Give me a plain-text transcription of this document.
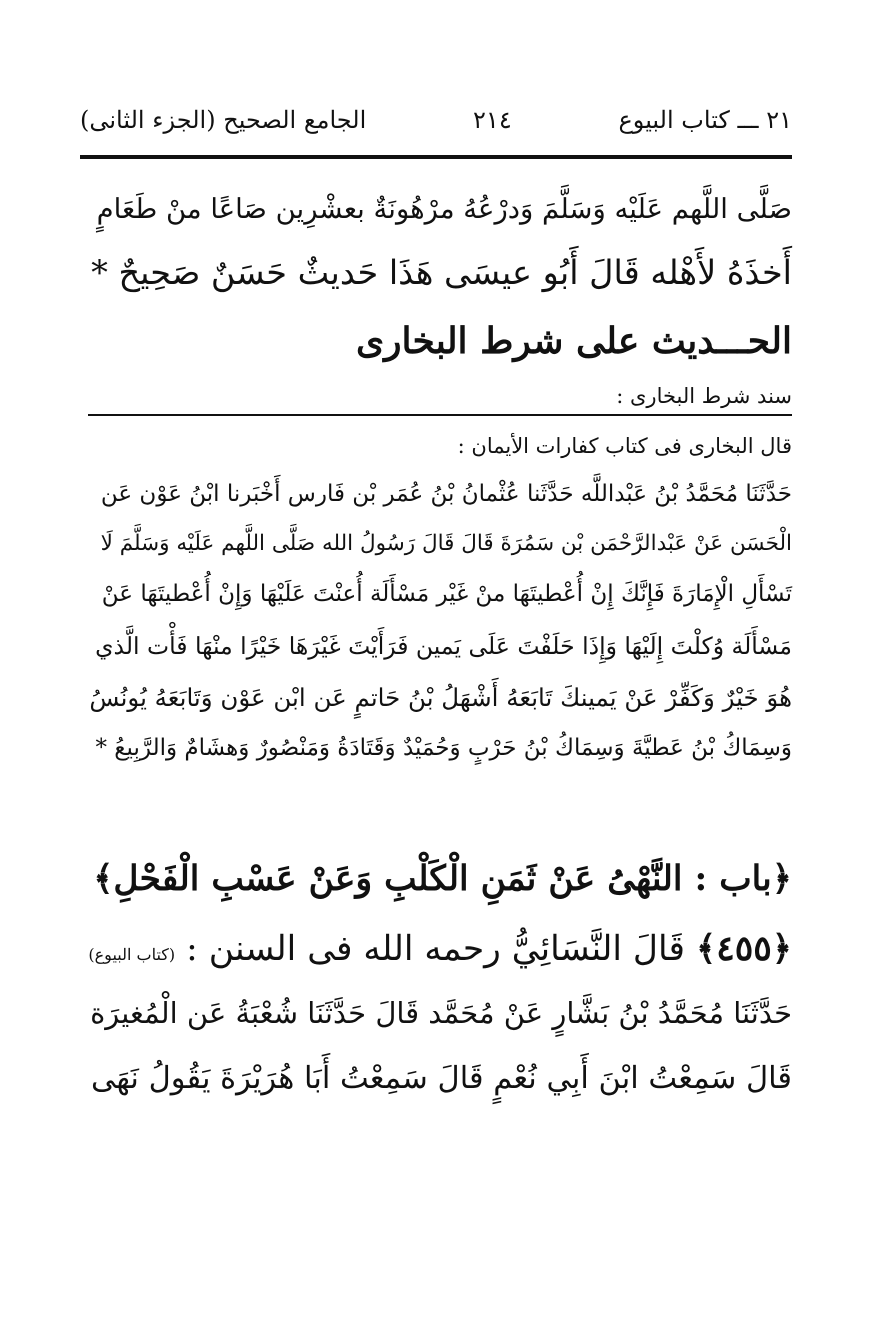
٢١ ـــ كتاب البيوع
٢١٤
الجامع الصحيح (الجزء الثانى)
صَلَّى اللَّهم عَلَيْه وَسَلَّمَ وَدرْعُهُ مرْهُونَةٌ بعشْرِين صَاعًا منْ طَعَامٍ
أَخذَهُ لأَهْله قَالَ أَبُو عيسَى هَذَا حَديثٌ حَسَنٌ صَحِيحٌ *
الحـــديث على شرط البخارى
سند شرط البخارى :
قال البخارى فى كتاب كفارات الأيمان :
حَدَّثَنَا مُحَمَّدُ بْنُ عَبْداللَّه حَدَّثَنا عُثْمانُ بْنُ عُمَر بْن فَارس أَخْبَرنا ابْنُ عَوْن عَن
الْحَسَن عَنْ عَبْدالرَّحْمَن بْن سَمُرَةَ قَالَ قَالَ رَسُولُ الله صَلَّى اللَّهم عَلَيْه وَسَلَّمَ لَا
تَسْأَلِ الْإِمَارَةَ فَإِنَّكَ إِنْ أُعْطيتَهَا منْ غَيْر مَسْأَلَة أُعنْتَ عَلَيْهَا وَإِنْ أُعْطيتَهَا عَنْ
مَسْأَلَة وُكلْتَ إِلَيْهَا وَإِذَا حَلَفْتَ عَلَى يَمين فَرَأَيْتَ غَيْرَهَا خَيْرًا منْهَا فَأْت الَّذي
هُوَ خَيْرٌ وَكَفِّرْ عَنْ يَمينكَ تَابَعَهُ أَشْهَلُ بْنُ حَاتمٍ عَن ابْن عَوْن وَتَابَعَهُ يُونُسُ
وَسِمَاكُ بْنُ عَطيَّةَ وَسِمَاكُ بْنُ حَرْبٍ وَحُمَيْدٌ وَقَتَادَةُ وَمَنْصُورٌ وَهشَامٌ وَالرَّبِيعُ *
﴿باب : النَّهْىُ عَنْ ثَمَنِ الْكَلْبِ وَعَنْ عَسْبِ الْفَحْلِ﴾
﴿٤٥٥﴾ قَالَ النَّسَائِيُّ رحمه الله فى السنن : (كتاب البيوع)
حَدَّثَنَا مُحَمَّدُ بْنُ بَشَّارٍ عَنْ مُحَمَّد قَالَ حَدَّثَنَا شُعْبَةُ عَن الْمُغيرَة
قَالَ سَمِعْتُ ابْنَ أَبِي نُعْمٍ قَالَ سَمِعْتُ أَبَا هُرَيْرَةَ يَقُولُ نَهَى
